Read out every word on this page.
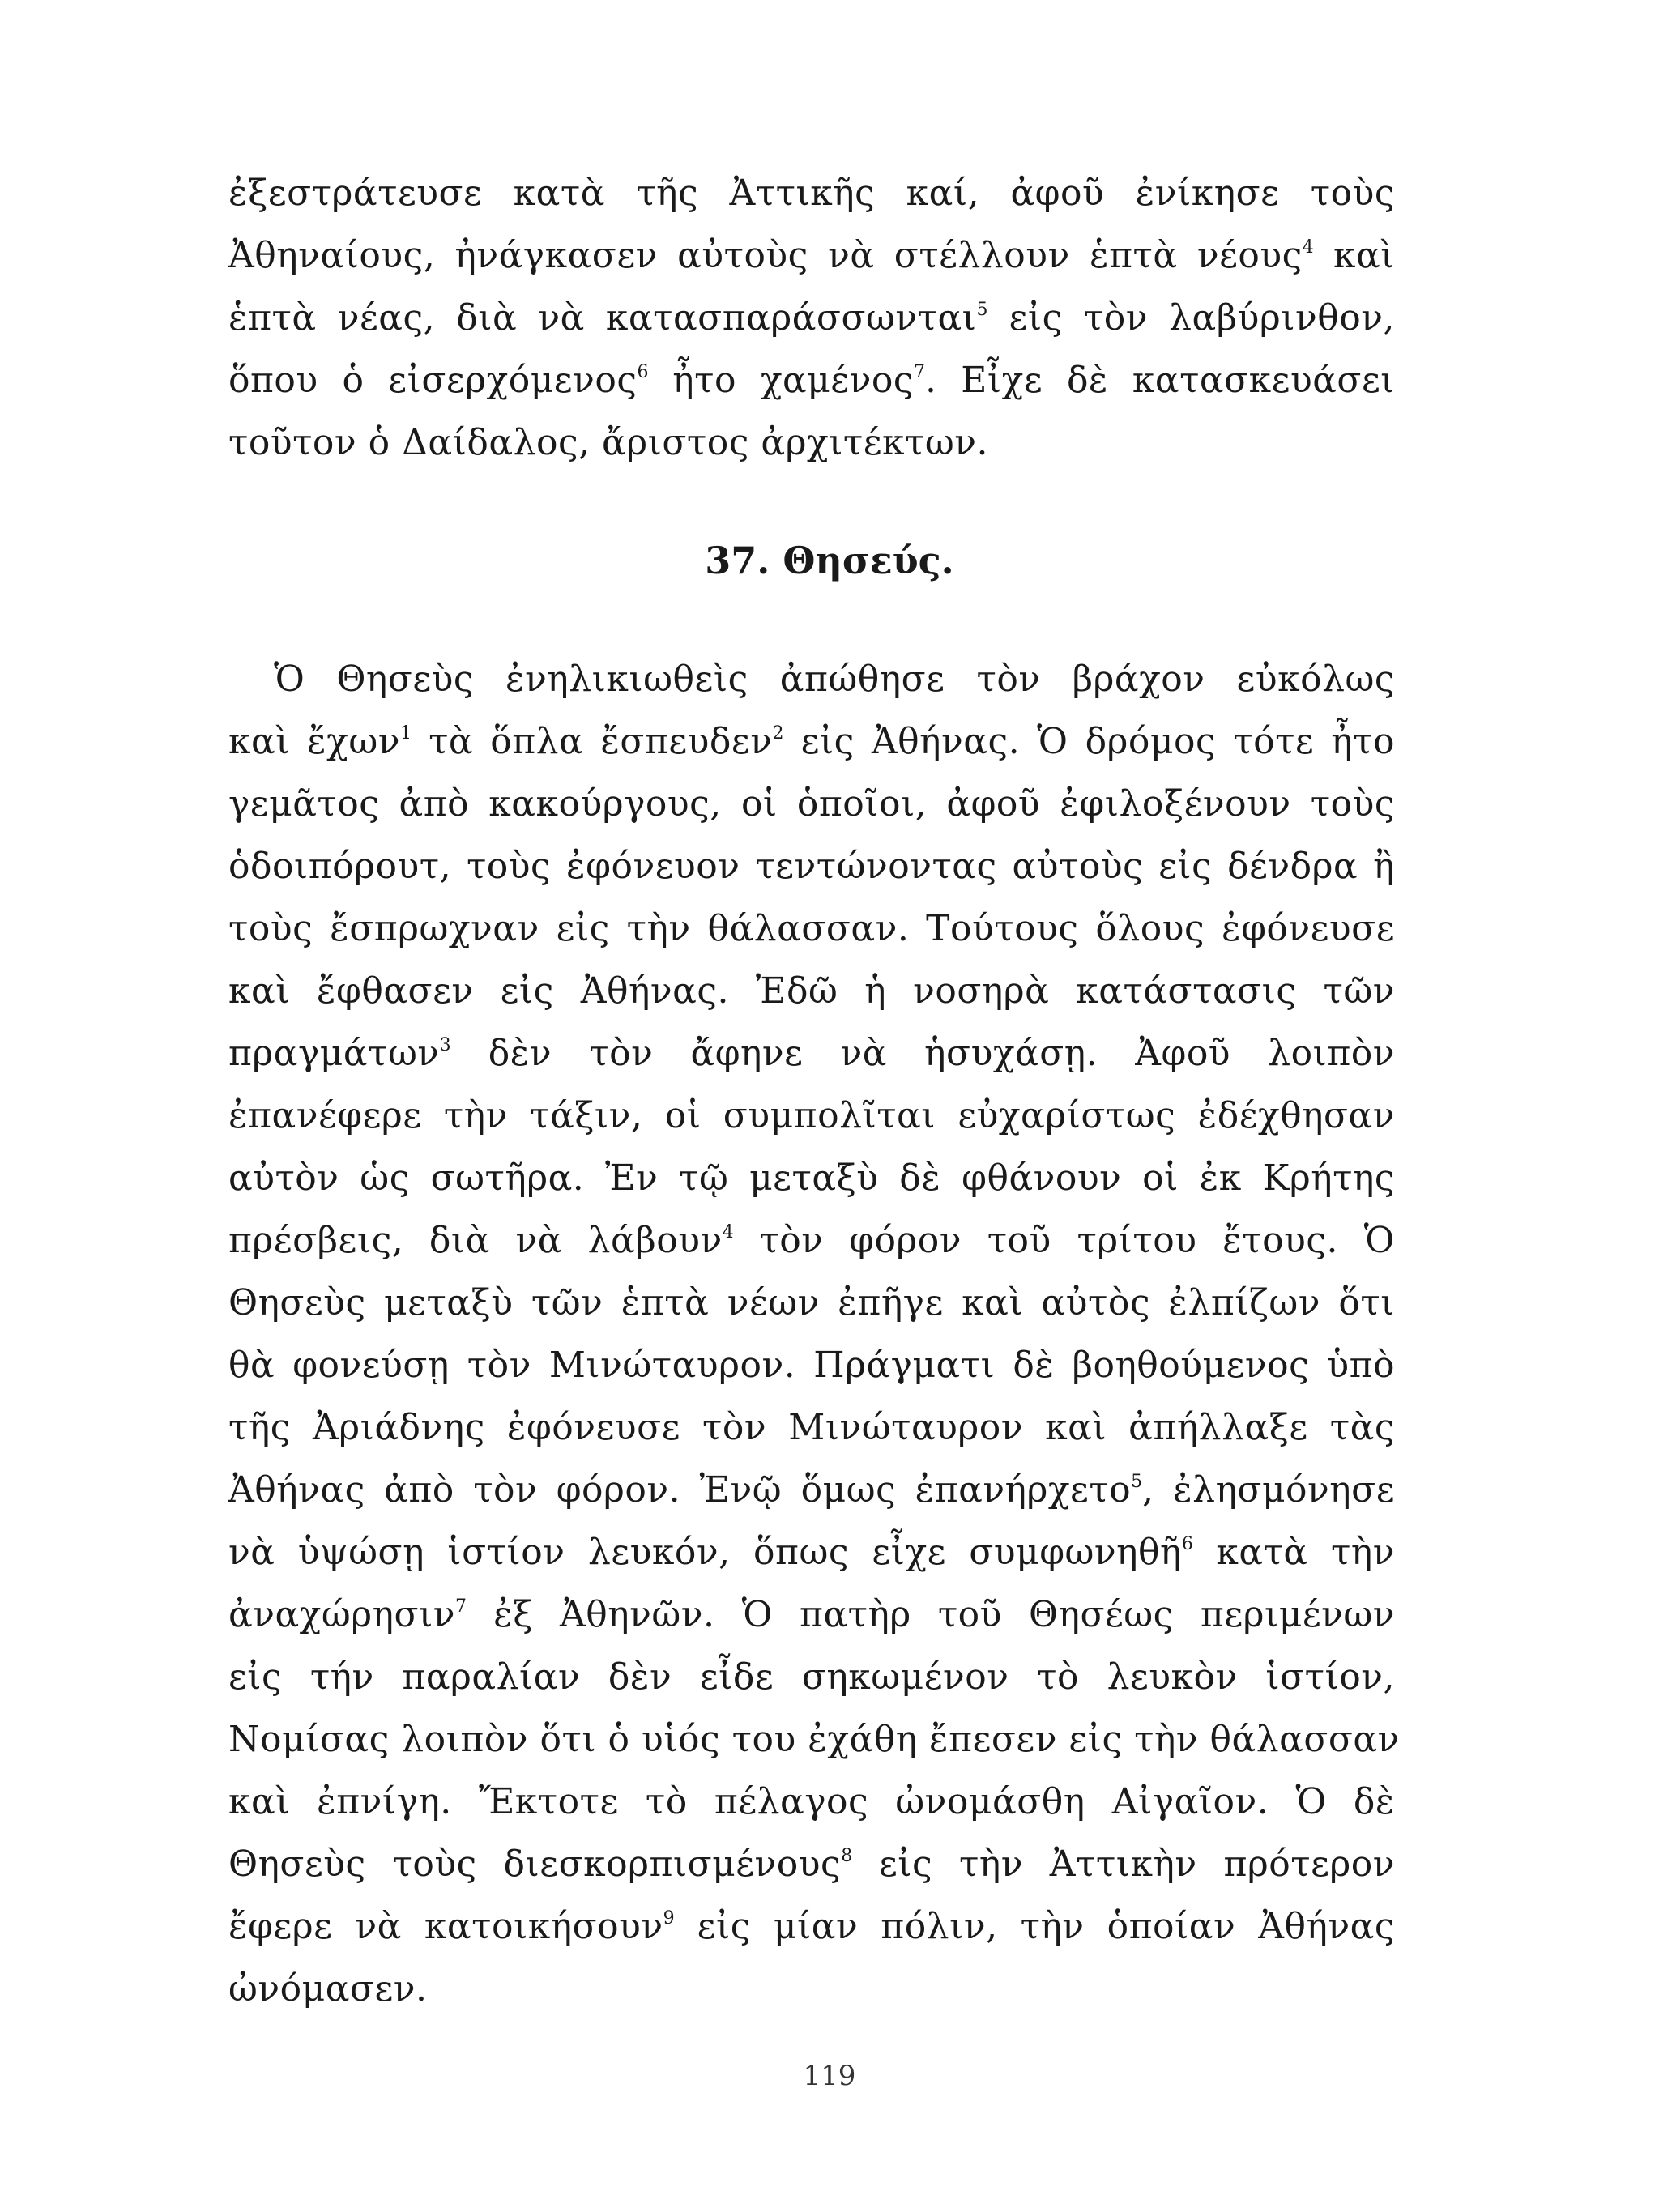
ἐξεστράτευσε κατὰ τῆς Ἀττικῆς καί, ἀφοῦ ἐνίκησε τοὺς
Ἀθηναίους, ἠνάγκασεν αὐτοὺς νὰ στέλλουν ἑπτὰ νέους$^4$ καὶ
ἑπτὰ νέας, διὰ νὰ κατασπαράσσωνται$^5$ εἰς τὸν λαβύρινθον,
ὅπου ὁ εἰσερχόμενος$^6$ ἦτο χαμένος$^7$. Εἶχε δὲ κατασκευάσει
τοῦτον ὁ Δαίδαλος, ἄριστος ἀρχιτέκτων.
37. Θησεύς.
Ὁ Θησεὺς ἐνηλικιωθεὶς ἀπώθησε τὸν βράχον εὐκόλως
καὶ ἔχων$^1$ τὰ ὅπλα ἔσπευδεν$^2$ εἰς Ἀθήνας. Ὁ δρόμος τότε ἦτο
γεμᾶτος ἀπὸ κακούργους, οἱ ὁποῖοι, ἀφοῦ ἐφιλοξένουν τοὺς
ὁδοιπόρουτ, τοὺς ἐφόνευον τεντώνοντας αὐτοὺς εἰς δένδρα ἢ
τοὺς ἔσπρωχναν εἰς τὴν θάλασσαν. Τούτους ὅλους ἐφόνευσε
καὶ ἔφθασεν εἰς Ἀθήνας. Ἐδῶ ἡ νοσηρὰ κατάστασις τῶν
πραγμάτων$^3$ δὲν τὸν ἄφηνε νὰ ἡσυχάσῃ. Ἀφοῦ λοιπὸν
ἐπανέφερε τὴν τάξιν, οἱ συμπολῖται εὐχαρίστως ἐδέχθησαν
αὐτὸν ὡς σωτῆρα. Ἐν τῷ μεταξὺ δὲ φθάνουν οἱ ἐκ Κρήτης
πρέσβεις, διὰ νὰ λάβουν$^4$ τὸν φόρον τοῦ τρίτου ἔτους. Ὁ
Θησεὺς μεταξὺ τῶν ἑπτὰ νέων ἐπῆγε καὶ αὐτὸς ἐλπίζων ὅτι
θὰ φονεύσῃ τὸν Μινώταυρον. Πράγματι δὲ βοηθούμενος ὑπὸ
τῆς Ἀριάδνης ἐφόνευσε τὸν Μινώταυρον καὶ ἀπήλλαξε τὰς
Ἀθήνας ἀπὸ τὸν φόρον. Ἐνῷ ὅμως ἐπανήρχετο$^5$, ἐλησμόνησε
νὰ ὑψώσῃ ἱστίον λευκόν, ὅπως εἶχε συμφωνηθῆ$^6$ κατὰ τὴν
ἀναχώρησιν$^7$ ἐξ Ἀθηνῶν. Ὁ πατὴρ τοῦ Θησέως περιμένων
εἰς τήν παραλίαν δὲν εἶδε σηκωμένον τὸ λευκὸν ἱστίον,
Νομίσας λοιπὸν ὅτι ὁ υἱός του ἐχάθη ἔπεσεν εἰς τὴν θάλασσαν
καὶ ἐπνίγη. Ἔκτοτε τὸ πέλαγος ὠνομάσθη Αἰγαῖον. Ὁ δὲ
Θησεὺς τοὺς διεσκορπισμένους$^8$ εἰς τὴν Ἀττικὴν πρότερον
ἔφερε νὰ κατοικήσουν$^9$ εἰς μίαν πόλιν, τὴν ὁποίαν Ἀθήνας
ὠνόμασεν.
119
